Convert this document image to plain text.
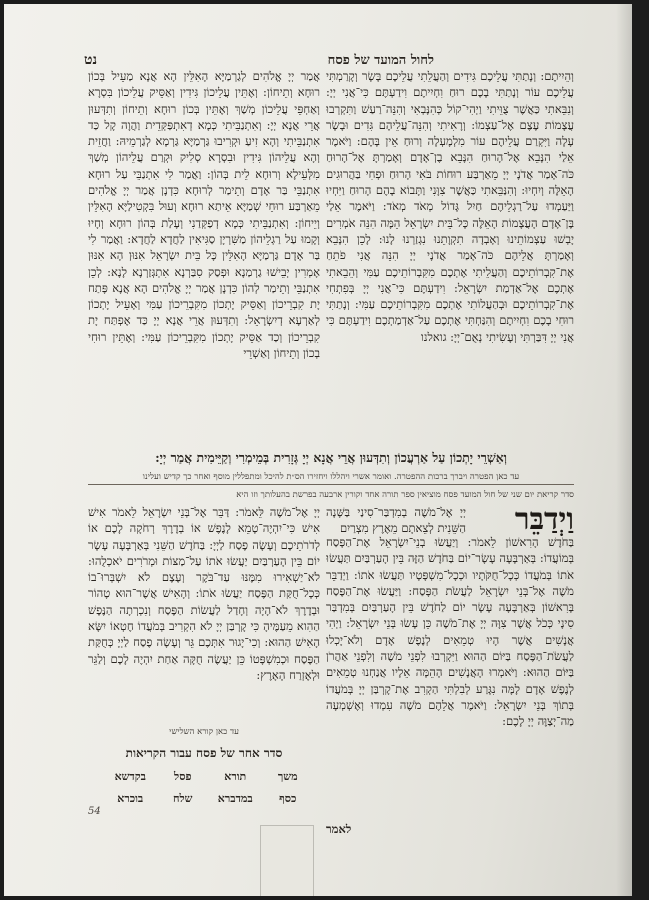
לחול המועד של פסח
נט
וְהֵיִיתֶם: וְנָתַתִּי עֲלֵיכֶם גִּידִים וְהַעֲלֵתִי עֲלֵיכֶם בָּשָׂר וְקָרַמְתִּי עֲלֵיכֶם עוֹר וְנָתַתִּי בָכֶם רוּחַ וִחְיִיתֶם וִידַעְתֶּם כִּי־אֲנִי יְיָ: וְנִבֵּאתִי כַּאֲשֶׁר צֻוֵּיתִי וַיְהִי־קוֹל כְּהִנָּבְאִי וְהִנֵּה־רַעַשׁ וַתִּקְרְבוּ עֲצָמוֹת עֶצֶם אֶל־עַצְמוֹ: וְרָאִיתִי וְהִנֵּה־עֲלֵיהֶם גִּדִים וּבָשָׂר עָלָה וַיִּקְרַם עֲלֵיהֶם עוֹר מִלְמָעְלָה וְרוּחַ אֵין בָּהֶם: וַיֹּאמֶר אֵלַי הִנָּבֵא אֶל־הָרוּחַ הִנָּבֵא בֶן־אָדָם וְאָמַרְתָּ אֶל־הָרוּחַ כֹּה־אָמַר אֲדֹנָי יְיָ מֵאַרְבַּע רוּחוֹת בֹּאִי הָרוּחַ וּפְחִי בַּהֲרוּגִים הָאֵלֶּה וְיִחְיוּ: וְהִנַּבֵּאתִי כַּאֲשֶׁר צִוָּנִי וַתָּבוֹא בָהֶם הָרוּחַ וַיִּחְיוּ וַיַּעַמְדוּ עַל־רַגְלֵיהֶם חַיִל גָּדוֹל מְאֹד מְאֹד: וַיֹּאמֶר אֵלַי בֶּן־אָדָם הָעֲצָמוֹת הָאֵלֶּה כָּל־בֵּית יִשְׂרָאֵל הֵמָּה הִנֵּה אֹמְרִים יָבְשׁוּ עַצְמוֹתֵינוּ וְאָבְדָה תִקְוָתֵנוּ נִגְזַרְנוּ לָנוּ: לָכֵן הִנָּבֵא וְאָמַרְתָּ אֲלֵיהֶם כֹּה־אָמַר אֲדֹנָי יְיָ הִנֵּה אֲנִי פֹתֵחַ אֶת־קִבְרוֹתֵיכֶם וְהַעֲלֵיתִי אֶתְכֶם מִקִּבְרוֹתֵיכֶם עַמִּי וְהֵבֵאתִי אֶתְכֶם אֶל־אַדְמַת יִשְׂרָאֵל: וִידַעְתֶּם כִּי־אֲנִי יְיָ בְּפִתְחִי אֶת־קִבְרוֹתֵיכֶם וּבְהַעֲלוֹתִי אֶתְכֶם מִקִּבְרוֹתֵיכֶם עַמִּי: וְנָתַתִּי רוּחִי בָכֶם וִחְיִיתֶם וְהִנַּחְתִּי אֶתְכֶם עַל־אַדְמַתְכֶם וִידַעְתֶּם כִּי אֲנִי יְיָ דִּבַּרְתִּי וְעָשִׂיתִי נְאֻם־יְיָ: גואלנו
אֲמַר יְיָ אֱלֹהִים לְגַרְמַיָּא הָאִלֵּין הָא אֲנָא מַעֵיל בְּכוֹן רוּחָא וְתֵיחוֹן: וְאֶתֵּין עֲלֵיכוֹן גִּידִין וְאַסֵּיק עֲלֵיכוֹן בִּסְרָא וְאַחְפֵּי עֲלֵיכוֹן מְשַׁךְ וְאֶתֵּין בְּכוֹן רוּחָא וְתֵיחוֹן וְתִדְּעוּן אֲרֵי אֲנָא יְיָ: וְאִתְנַבֵּיתִי כְּמָא דְאִתְפַּקְּדֵית וַהֲוָה קָל כַּד אִתְנַבֵּיתִי וְהָא זִיעַ וּקְרִיבוּ גַּרְמַיָּא גַּרְמָא לְגַרְמֵיהּ: וַחֲזֵית וְהָא עֲלֵיהוֹן גִּידִין וּבִסְרָא סְלִיק וּקְרַם עֲלֵיהוֹן מְשַׁךְ מִלְּעֵילָא וְרוּחָא לֵית בְּהוֹן: וַאֲמַר לִי אִתְנַבֵּי עַל רוּחָא אִתְנַבֵּי בַּר אָדָם וְתֵימַר לְרוּחָא כִּדְנָן אֲמַר יְיָ אֱלֹהִים מֵאַרְבַּע רוּחֵי שְׁמַיָּא אֵיתַא רוּחָא וְעוּל בִּקְטִילַיָּא הָאִלֵּין וְיֵיחוֹן: וְאִתְנַבֵּיתִי כְּמָא דְפַקְּדַנִי וְעָלַת בְּהוֹן רוּחָא וְחָיוּ וְקָמוּ עַל רַגְלֵיהוֹן מַשִּׁרְיָן סַגִּיאִין לַחֲדָא לַחֲדָא: וַאֲמַר לִי בַּר אָדָם גַּרְמַיָּא הָאִלֵּין כָּל בֵּית יִשְׂרָאֵל אִנּוּן הָא אִנּוּן אָמְרִין יְבֵישׁוּ גַרְמַנָא וּפְסַק סִבַּרְנָא אִתְגְּזַרְנָא לָנָא: לְכֵן אִתְנַבֵּי וְתֵימַר לְהוֹן כִּדְנָן אֲמַר יְיָ אֱלֹהִים הָא אֲנָא פָּתַח יָת קִבְרֵיכוֹן וְאַסֵּיק יָתְכוֹן מִקִּבְרֵיכוֹן עַמִּי וְאָעֵיל יָתְכוֹן לְאַרְעָא דְיִשְׂרָאֵל: וְתִדְּעוּן אֲרֵי אֲנָא יְיָ כַּד אֶפְתַּח יָת קִבְרֵיכוֹן וְכַד אַסֵּיק יָתְכוֹן מִקִּבְרֵיכוֹן עַמִּי: וְאֶתֵּין רוּחִי בְכוֹן וְתֵיחוֹן וְאַשְׁרֵי
וְאַשְׁרֵי יָתְכוֹן עַל אַרְעֲכוֹן וְתִדְּעוּן אֲרֵי אֲנָא יְיָ גְּזָרִית בְּמֵימְרִי וְקַיֵּימִית אֲמַר יְיָ:
עד כאן הפטרה ויברך ברכות ההפטרה. ואומר אשרי ויהללו ויחזירו הס״ת להיכל ומתפללין מוסף ואחר כך קדיש ועלינו
סדר קריאת יום שני של חול המועד פסח מוציאין ספר תורה אחד וקורין ארבעה בפרשת בהעלותך וזו היא
וַיְדַבֵּר
יְיָ אֶל־מֹשֶׁה בְמִדְבַּר־סִינַי בַּשָּׁנָה הַשֵּׁנִית לְצֵאתָם מֵאֶרֶץ מִצְרַיִם
בַּחֹדֶשׁ הָרִאשׁוֹן לֵאמֹר: וְיַעֲשׂוּ בְנֵי־יִשְׂרָאֵל אֶת־הַפָּסַח בְּמוֹעֲדוֹ: בְּאַרְבָּעָה עָשָׂר־יוֹם בַּחֹדֶשׁ הַזֶּה בֵּין הָעַרְבַּיִם תַּעֲשׂוּ אֹתוֹ בְּמֹעֲדוֹ כְּכָל־חֻקֹּתָיו וּכְכָל־מִשְׁפָּטָיו תַּעֲשׂוּ אֹתוֹ: וַיְדַבֵּר מֹשֶׁה אֶל־בְּנֵי יִשְׂרָאֵל לַעֲשֹׂת הַפָּסַח: וַיַּעֲשׂוּ אֶת־הַפֶּסַח בָּרִאשׁוֹן בְּאַרְבָּעָה עָשָׂר יוֹם לַחֹדֶשׁ בֵּין הָעַרְבַּיִם בְּמִדְבַּר סִינָי כְּכֹל אֲשֶׁר צִוָּה יְיָ אֶת־מֹשֶׁה כֵּן עָשׂוּ בְּנֵי יִשְׂרָאֵל: וַיְהִי אֲנָשִׁים אֲשֶׁר הָיוּ טְמֵאִים לְנֶפֶשׁ אָדָם וְלֹא־יָכְלוּ לַעֲשֹׂת־הַפֶּסַח בַּיּוֹם הַהוּא וַיִּקְרְבוּ לִפְנֵי מֹשֶׁה וְלִפְנֵי אַהֲרֹן בַּיּוֹם הַהוּא: וַיֹּאמְרוּ הָאֲנָשִׁים הָהֵמָּה אֵלָיו אֲנַחְנוּ טְמֵאִים לְנֶפֶשׁ אָדָם לָמָּה נִגָּרַע לְבִלְתִּי הַקְרִב אֶת־קָרְבַּן יְיָ בְּמֹעֲדוֹ בְּתוֹךְ בְּנֵי יִשְׂרָאֵל: וַיֹּאמֶר אֲלֵהֶם מֹשֶׁה עִמְדוּ וְאֶשְׁמְעָה מַה־יְצַוֶּה יְיָ לָכֶם:
יְיָ אֶל־מֹשֶׁה לֵּאמֹר: דַּבֵּר אֶל־בְּנֵי יִשְׂרָאֵל לֵאמֹר אִישׁ אִישׁ כִּי־יִהְיֶה־טָמֵא לָנֶפֶשׁ אוֹ בְדֶרֶךְ רְחֹקָה לָכֶם אוֹ לְדֹרֹתֵיכֶם וְעָשָׂה פֶסַח לַיְיָ: בַּחֹדֶשׁ הַשֵּׁנִי בְּאַרְבָּעָה עָשָׂר יוֹם בֵּין הָעַרְבַּיִם יַעֲשׂוּ אֹתוֹ עַל־מַצּוֹת וּמְרֹרִים יֹאכְלֻהוּ: לֹא־יַשְׁאִירוּ מִמֶּנּוּ עַד־בֹּקֶר וְעֶצֶם לֹא יִשְׁבְּרוּ־בוֹ כְּכָל־חֻקַּת הַפֶּסַח יַעֲשׂוּ אֹתוֹ: וְהָאִישׁ אֲשֶׁר־הוּא טָהוֹר וּבְדֶרֶךְ לֹא־הָיָה וְחָדַל לַעֲשׂוֹת הַפֶּסַח וְנִכְרְתָה הַנֶּפֶשׁ הַהִוא מֵעַמֶּיהָ כִּי קָרְבַּן יְיָ לֹא הִקְרִיב בְּמֹעֲדוֹ חֶטְאוֹ יִשָּׂא הָאִישׁ הַהוּא: וְכִי־יָגוּר אִתְּכֶם גֵּר וְעָשָׂה פֶסַח לַיְיָ כְּחֻקַּת הַפֶּסַח וּכְמִשְׁפָּטוֹ כֵּן יַעֲשֶׂה חֻקָּה אַחַת יִהְיֶה לָכֶם וְלַגֵּר וּלְאֶזְרַח הָאָרֶץ:
עד כאן קורא השלישי
סדר אחר של פסח עבור הקריאות
משך
תורא
פסל
בקדשא
כסף
במדברא
שלח
בוכרא
לאמר
54
